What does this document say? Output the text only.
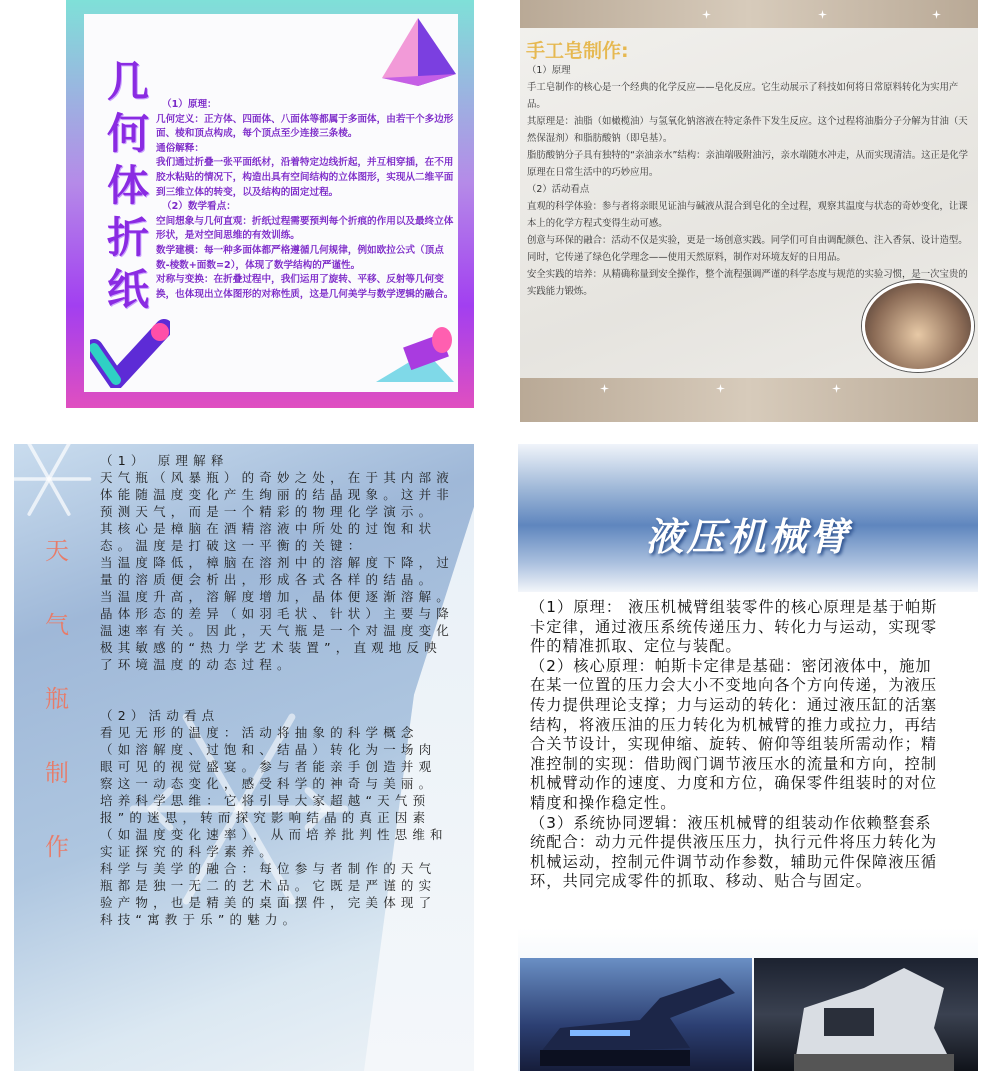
几何体折纸
（1）原理：
几何定义：正方体、四面体、八面体等都属于多面体，由若干个多边形面、棱和顶点构成，每个顶点至少连接三条棱。
通俗解释：
我们通过折叠一张平面纸材，沿着特定边线折起，并互相穿插，在不用胶水粘贴的情况下，构造出具有空间结构的立体图形，实现从二维平面到三维立体的转变，以及结构的固定过程。
（2）数学看点：
空间想象与几何直观：折纸过程需要预判每个折痕的作用以及最终立体形状，是对空间思维的有效训练。
数学建模：每一种多面体都严格遵循几何规律，例如欧拉公式（顶点数-棱数+面数=2），体现了数学结构的严谨性。
对称与变换：在折叠过程中，我们运用了旋转、平移、反射等几何变换，也体现出立体图形的对称性质，这是几何美学与数学逻辑的融合。
手工皂制作:
（1）原理
手工皂制作的核心是一个经典的化学反应——皂化反应。它生动展示了科技如何将日常原料转化为实用产品。
其原理是：油脂（如橄榄油）与氢氧化钠溶液在特定条件下发生反应。这个过程将油脂分子分解为甘油（天然保湿剂）和脂肪酸钠（即皂基）。
脂肪酸钠分子具有独特的“亲油亲水”结构：亲油端吸附油污，亲水端随水冲走，从而实现清洁。这正是化学原理在日常生活中的巧妙应用。
（2）活动看点
直观的科学体验：参与者将亲眼见证油与碱液从混合到皂化的全过程，观察其温度与状态的奇妙变化，让课本上的化学方程式变得生动可感。
创意与环保的融合：活动不仅是实验，更是一场创意实践。同学们可自由调配颜色、注入香氛、设计造型。同时，它传递了绿色化学理念——使用天然原料，制作对环境友好的日用品。
安全实践的培养：从精确称量到安全操作，整个流程强调严谨的科学态度与规范的实验习惯，是一次宝贵的实践能力锻炼。
天
气
瓶
制
作
（1） 原理解释
天气瓶（风暴瓶）的奇妙之处，在于其内部液
体能随温度变化产生绚丽的结晶现象。这并非
预测天气，而是一个精彩的物理化学演示。
其核心是樟脑在酒精溶液中所处的过饱和状
态。温度是打破这一平衡的关键：
当温度降低，樟脑在溶剂中的溶解度下降，过
量的溶质便会析出，形成各式各样的结晶。
当温度升高，溶解度增加，晶体便逐渐溶解。
晶体形态的差异（如羽毛状、针状）主要与降
温速率有关。因此，天气瓶是一个对温度变化
极其敏感的“热力学艺术装置”，直观地反映
了环境温度的动态过程。

（2）活动看点
看见无形的温度：活动将抽象的科学概念
（如溶解度、过饱和、结晶）转化为一场肉
眼可见的视觉盛宴。参与者能亲手创造并观
察这一动态变化，感受科学的神奇与美丽。
培养科学思维：它将引导大家超越“天气预
报”的迷思，转而探究影响结晶的真正因素
（如温度变化速率），从而培养批判性思维和
实证探究的科学素养。
科学与美学的融合：每位参与者制作的天气
瓶都是独一无二的艺术品。它既是严谨的实
验产物，也是精美的桌面摆件，完美体现了
科技“寓教于乐”的魅力。
液压机械臂
（1）原理： 液压机械臂组装零件的核心原理是基于帕斯
卡定律，通过液压系统传递压力、转化力与运动，实现零
件的精准抓取、定位与装配。
（2）核心原理：帕斯卡定律是基础：密闭液体中，施加
在某一位置的压力会大小不变地向各个方向传递，为液压
传力提供理论支撑；力与运动的转化：通过液压缸的活塞
结构，将液压油的压力转化为机械臂的推力或拉力，再结
合关节设计，实现伸缩、旋转、俯仰等组装所需动作；精
准控制的实现：借助阀门调节液压水的流量和方向，控制
机械臂动作的速度、力度和方位，确保零件组装时的对位
精度和操作稳定性。
（3）系统协同逻辑：液压机械臂的组装动作依赖整套系
统配合：动力元件提供液压压力，执行元件将压力转化为
机械运动，控制元件调节动作参数，辅助元件保障液压循
环，共同完成零件的抓取、移动、贴合与固定。
